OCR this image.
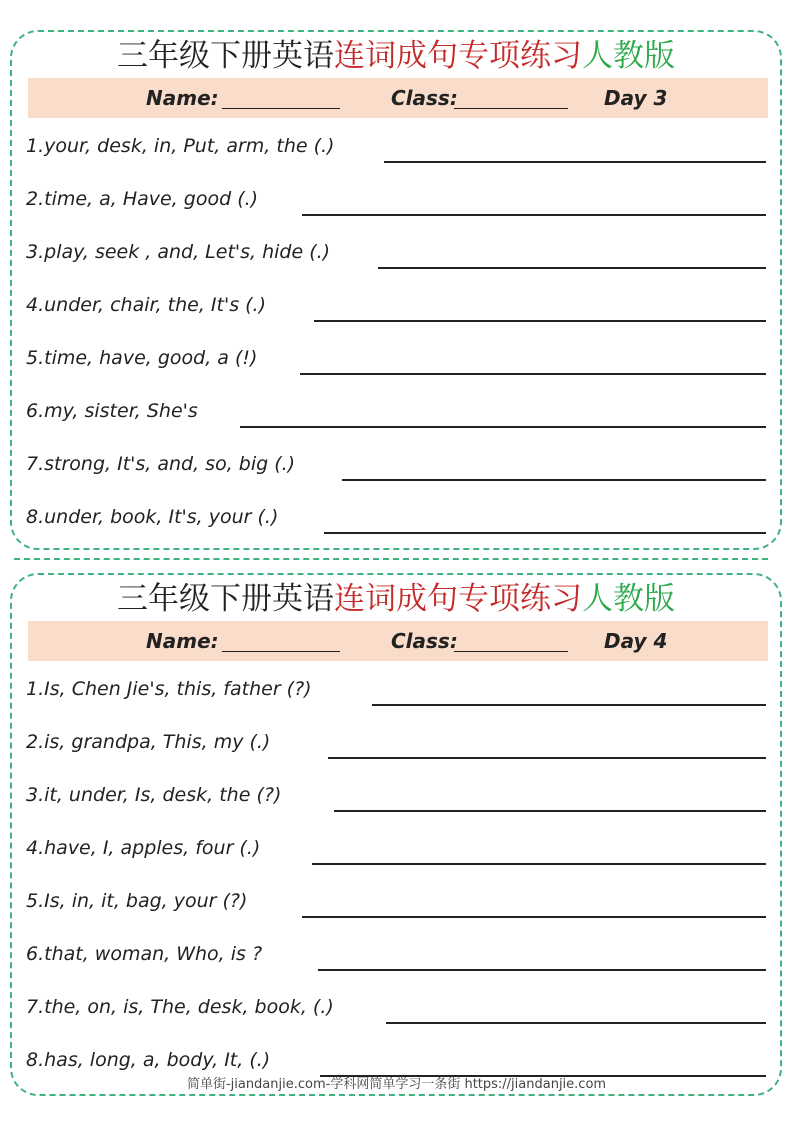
三年级下册英语连词成句专项练习人教版
Name:	Class:	Day 3
1.your, desk, in, Put, arm, the (.)
2.time, a, Have, good (.)
3.play, seek , and, Let's, hide (.)
4.under, chair, the, It's (.)
5.time, have, good, a (!)
6.my, sister, She's
7.strong, It's, and, so, big (.)
8.under, book, It's, your (.)
三年级下册英语连词成句专项练习人教版
Name:	Class:	Day 4
1.Is, Chen Jie's, this, father (?)
2.is, grandpa, This, my (.)
3.it, under, Is, desk, the (?)
4.have, I, apples, four (.)
5.Is, in, it, bag, your (?)
6.that, woman, Who, is ?
7.the, on, is, The, desk, book, (.)
8.has, long, a, body, It, (.)
简单街-jiandanjie.com-学科网简单学习一条街 https://jiandanjie.com
